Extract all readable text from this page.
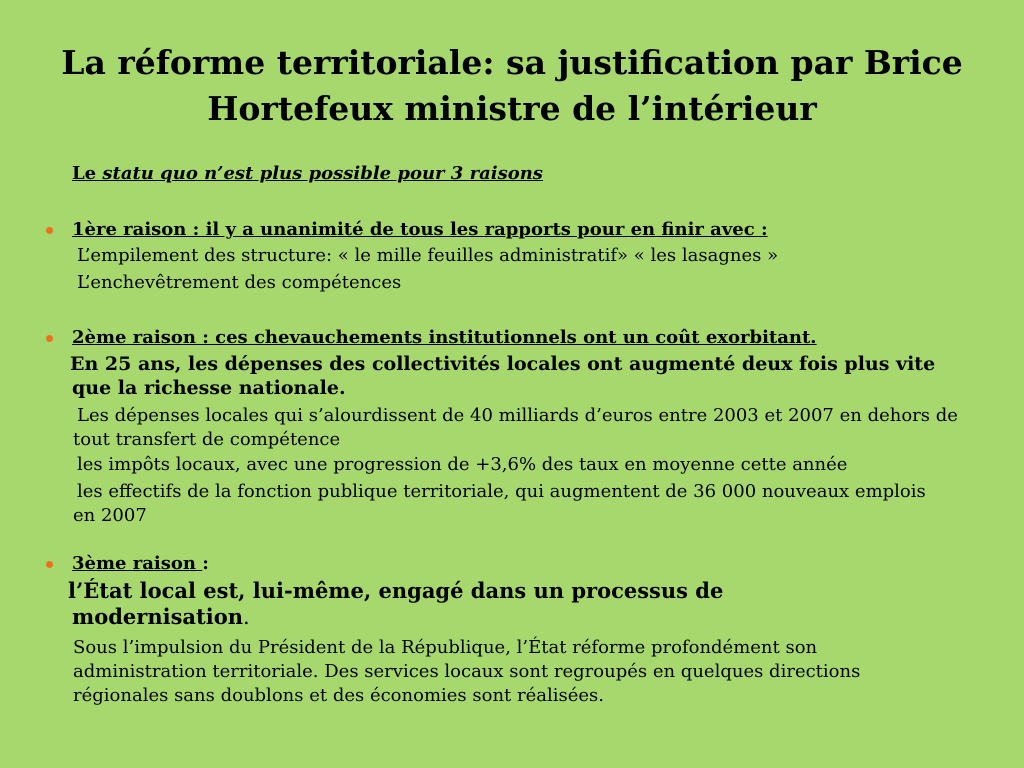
La réforme territoriale: sa justification par Brice Hortefeux ministre de l’intérieur
Le statu quo n’est plus possible pour 3 raisons
1ère raison : il y a unanimité de tous les rapports pour en finir avec :
L’empilement des structure: « le mille feuilles administratif» « les lasagnes »
L’enchevêtrement des compétences
2ème raison : ces chevauchements institutionnels ont un coût exorbitant.
En 25 ans, les dépenses des collectivités locales ont augmenté deux fois plus vite que la richesse nationale.
Les dépenses locales qui s’alourdissent de 40 milliards d’euros entre 2003 et 2007 en dehors de tout transfert de compétence
les impôts locaux, avec une progression de +3,6% des taux en moyenne cette année
les effectifs de la fonction publique territoriale, qui augmentent de 36 000 nouveaux emplois en 2007
3ème raison :
l’État local est, lui-même, engagé dans un processus de modernisation.
Sous l’impulsion du Président de la République, l’État réforme profondément son administration territoriale. Des services locaux sont regroupés en quelques directions régionales sans doublons et des économies sont réalisées.
